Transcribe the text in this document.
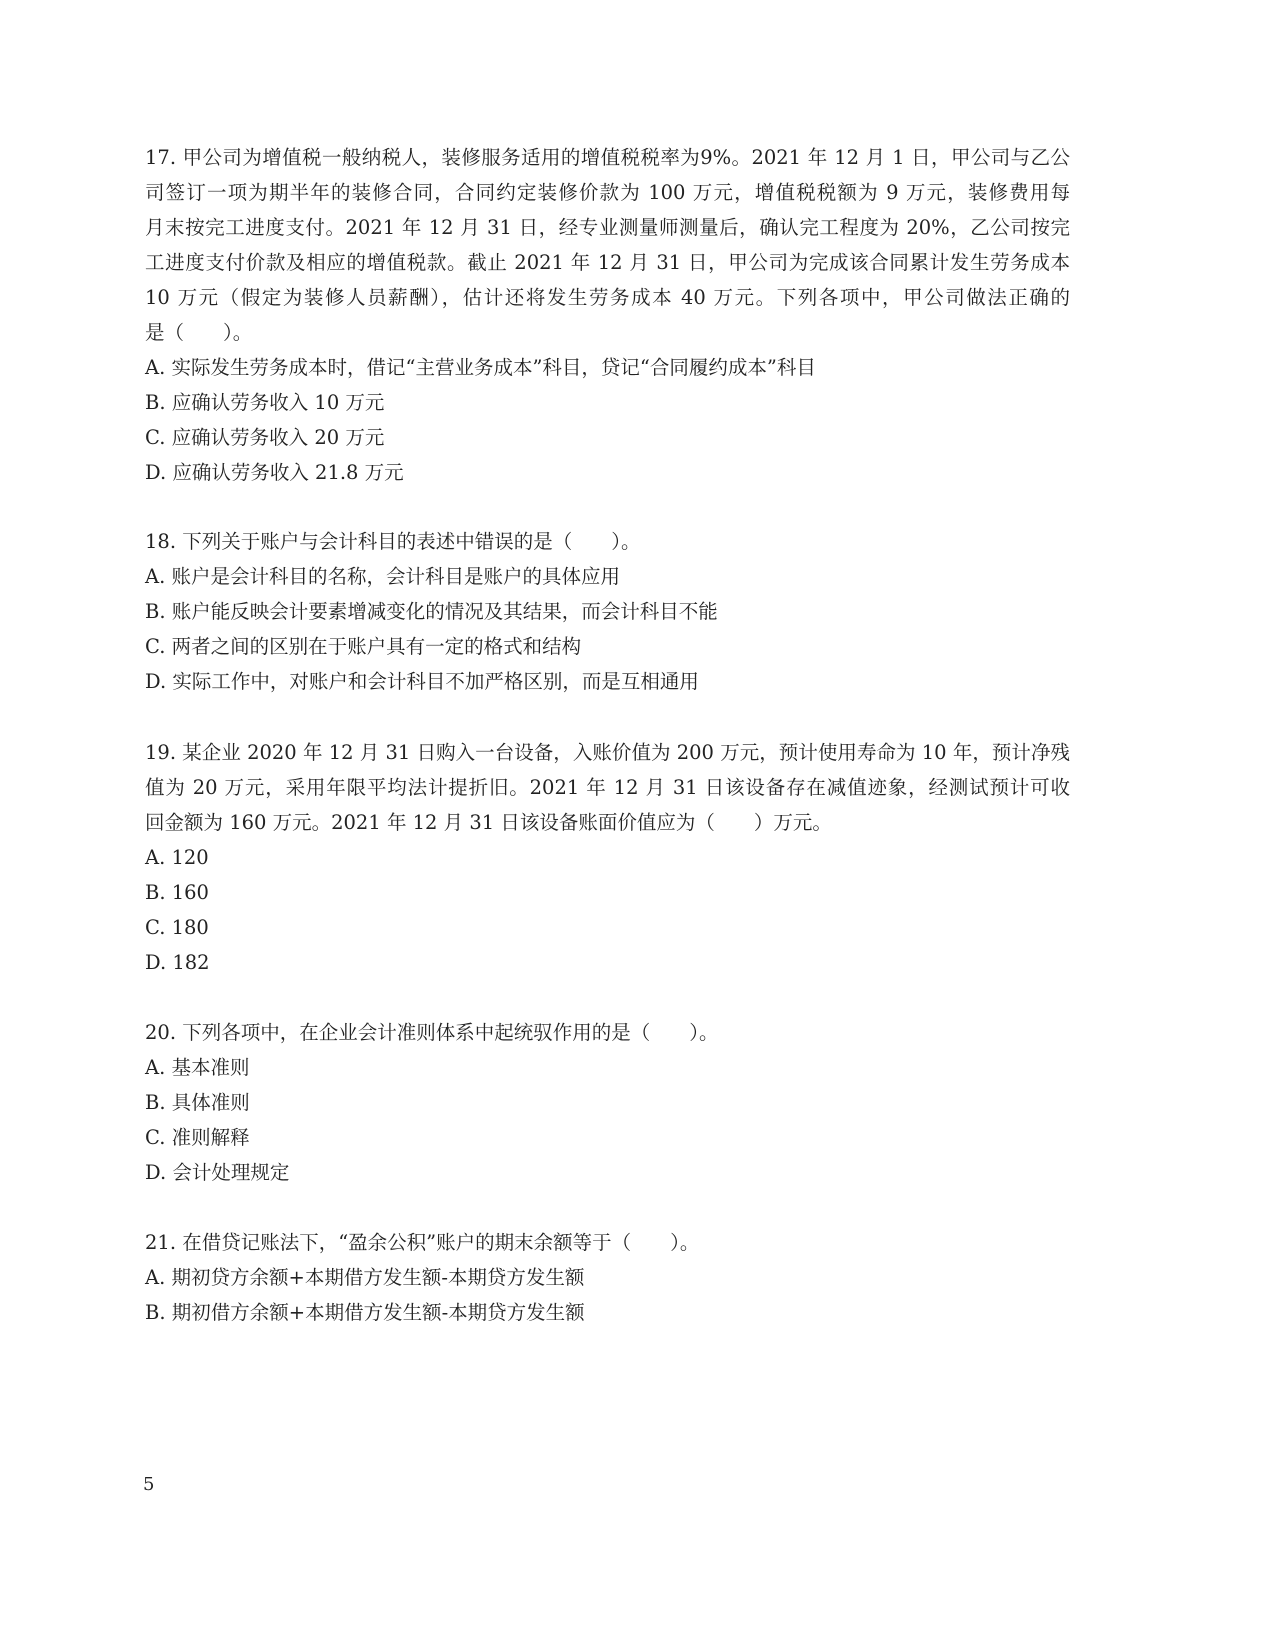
17. 甲公司为增值税一般纳税人，装修服务适用的增值税税率为9%。2021 年 12 月 1 日，甲公司与乙公
司签订一项为期半年的装修合同，合同约定装修价款为 100 万元，增值税税额为 9 万元，装修费用每
月末按完工进度支付。2021 年 12 月 31 日，经专业测量师测量后，确认完工程度为 20%，乙公司按完
工进度支付价款及相应的增值税款。截止 2021 年 12 月 31 日，甲公司为完成该合同累计发生劳务成本
10 万元（假定为装修人员薪酬），估计还将发生劳务成本 40 万元。下列各项中，甲公司做法正确的
是（　　）。
A. 实际发生劳务成本时，借记“主营业务成本”科目，贷记“合同履约成本”科目
B. 应确认劳务收入 10 万元
C. 应确认劳务收入 20 万元
D. 应确认劳务收入 21.8 万元
18. 下列关于账户与会计科目的表述中错误的是（　　）。
A. 账户是会计科目的名称，会计科目是账户的具体应用
B. 账户能反映会计要素增减变化的情况及其结果，而会计科目不能
C. 两者之间的区别在于账户具有一定的格式和结构
D. 实际工作中，对账户和会计科目不加严格区别，而是互相通用
19. 某企业 2020 年 12 月 31 日购入一台设备，入账价值为 200 万元，预计使用寿命为 10 年，预计净残
值为 20 万元，采用年限平均法计提折旧。2021 年 12 月 31 日该设备存在减值迹象，经测试预计可收
回金额为 160 万元。2021 年 12 月 31 日该设备账面价值应为（　　）万元。
A. 120
B. 160
C. 180
D. 182
20. 下列各项中，在企业会计准则体系中起统驭作用的是（　　）。
A. 基本准则
B. 具体准则
C. 准则解释
D. 会计处理规定
21. 在借贷记账法下，“盈余公积”账户的期末余额等于（　　）。
A. 期初贷方余额+本期借方发生额-本期贷方发生额
B. 期初借方余额+本期借方发生额-本期贷方发生额
5
